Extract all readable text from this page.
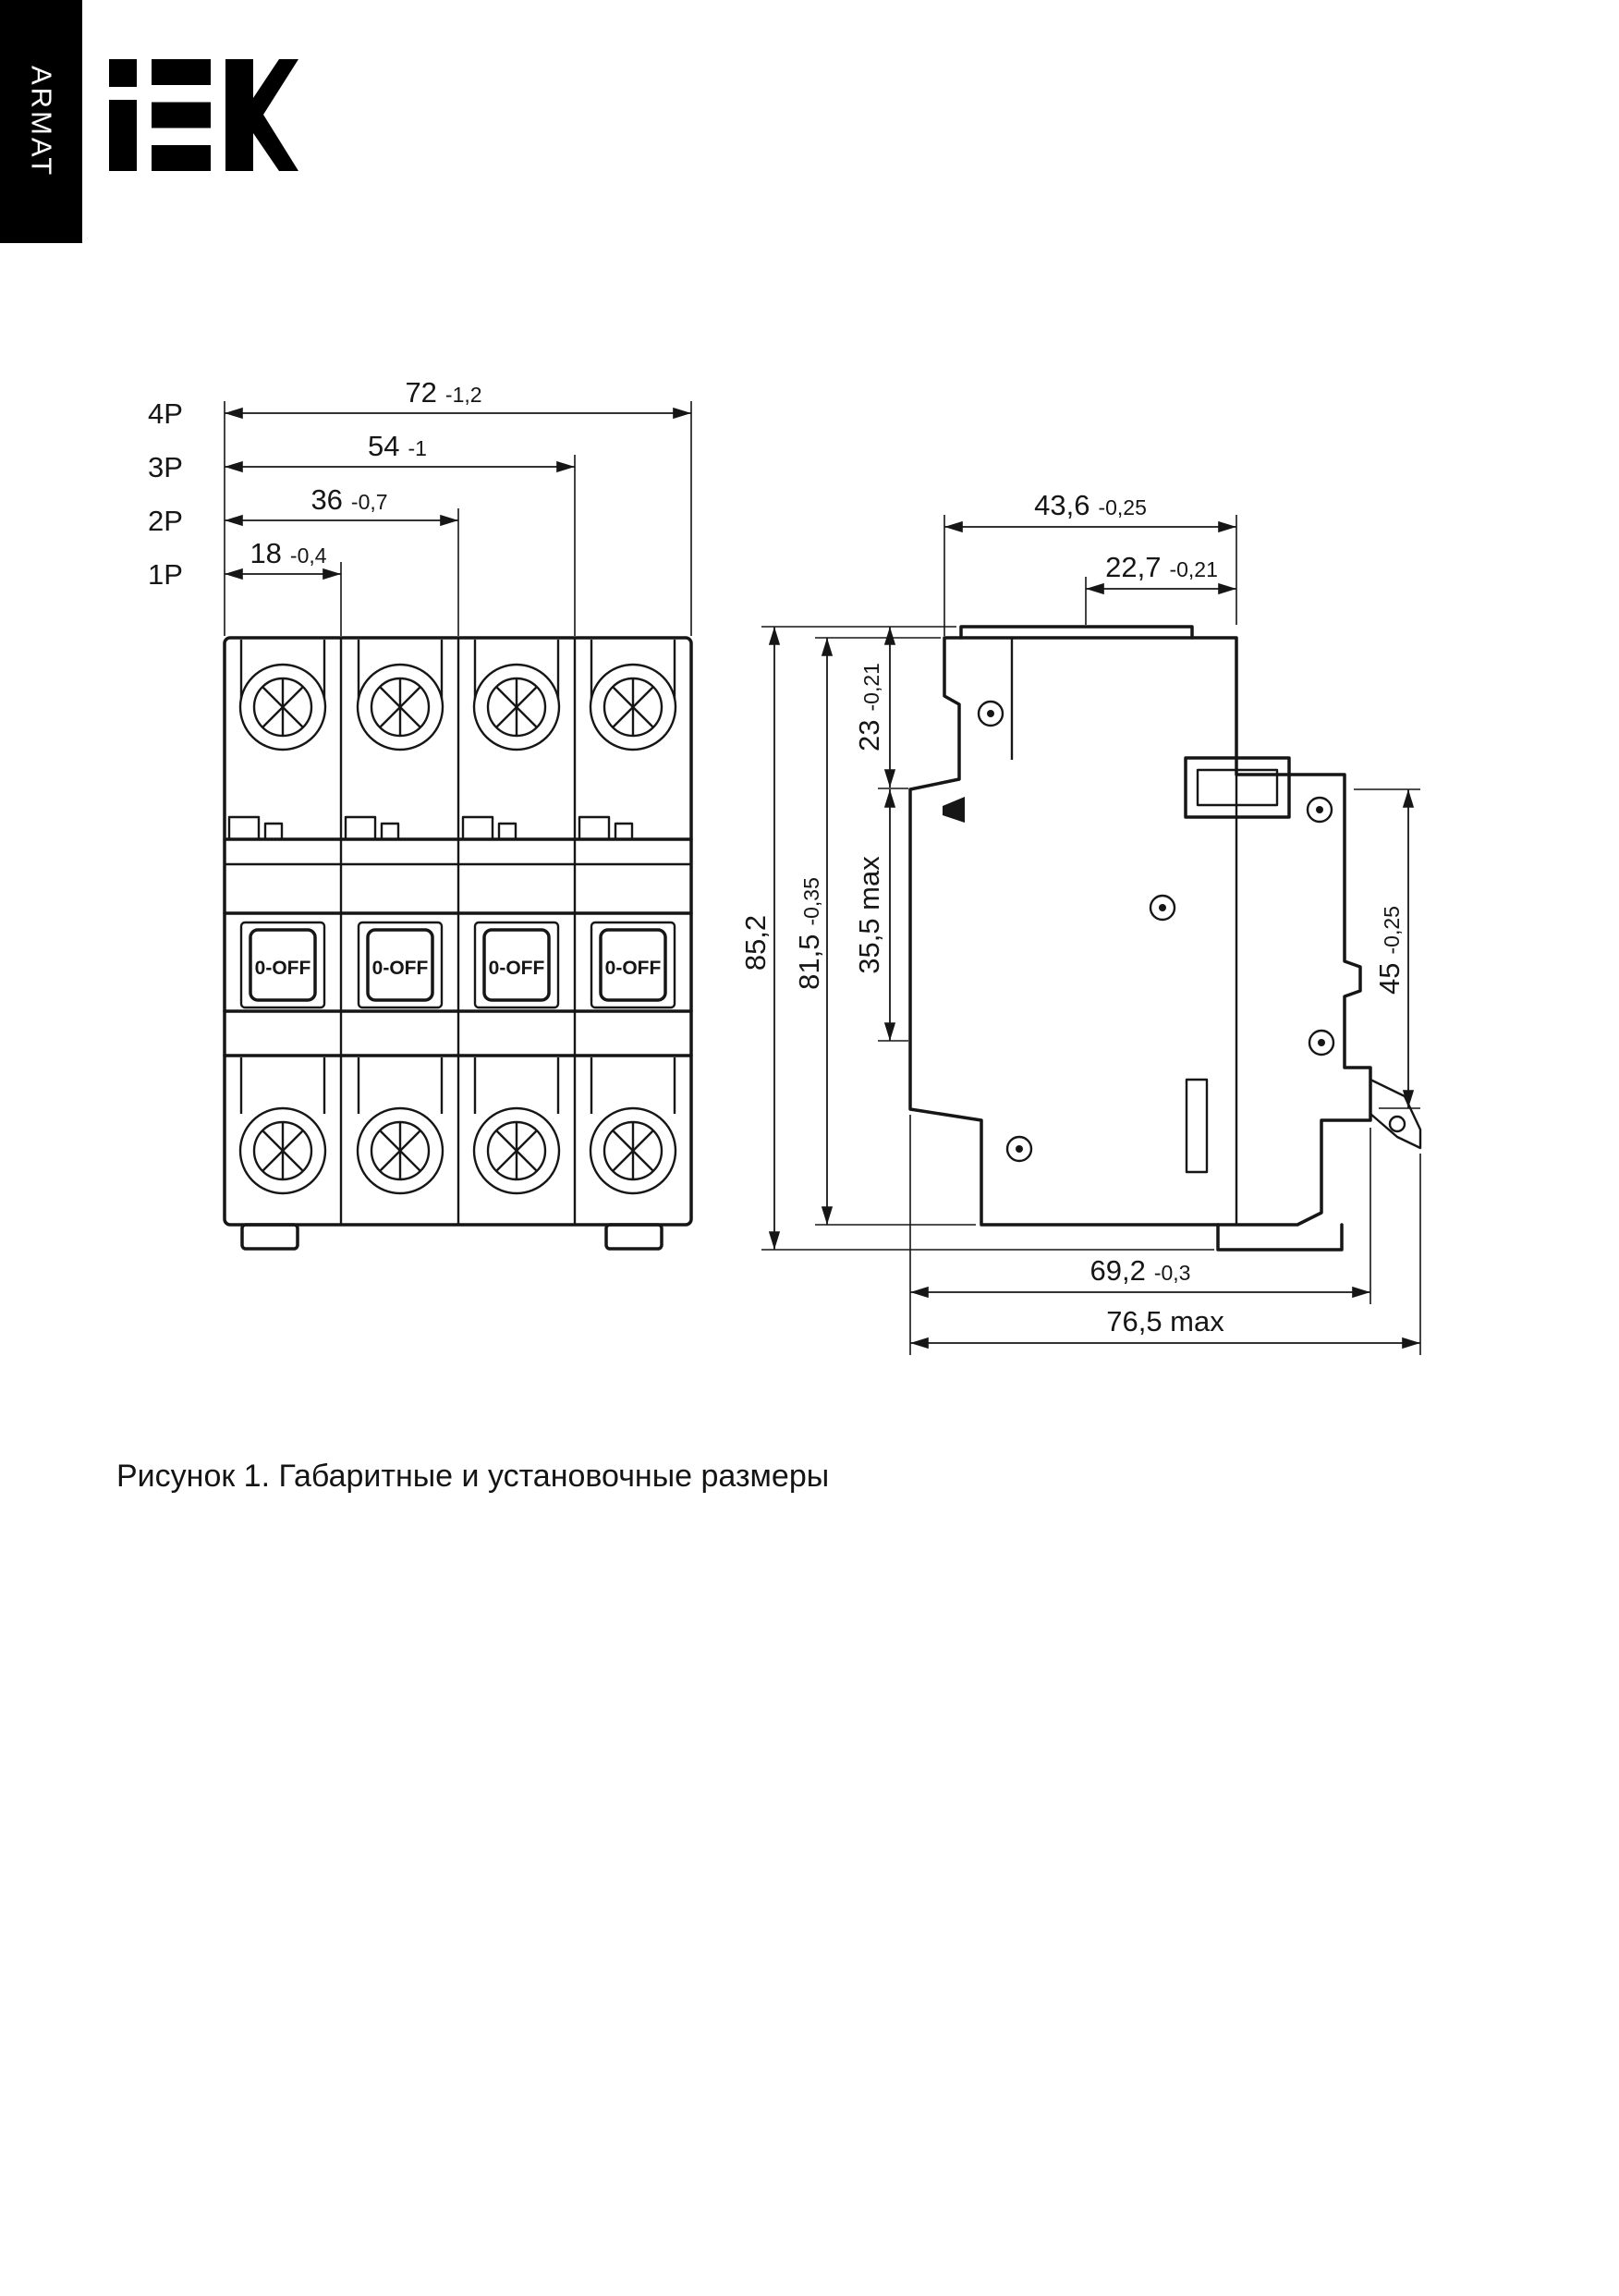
ARMAT
4P
72 -1,2
3P
54 -1
2P
36 -0,7
1P
18 -0,4
0-OFF	0-OFF	0-OFF	0-OFF
43,6 -0,25
22,7 -0,21
85,2 81,5-0,35
23-0,21
35,5 max
45-0,25
69,2 -0,3
76,5 max
Рисунок 1. Габаритные и установочные размеры
